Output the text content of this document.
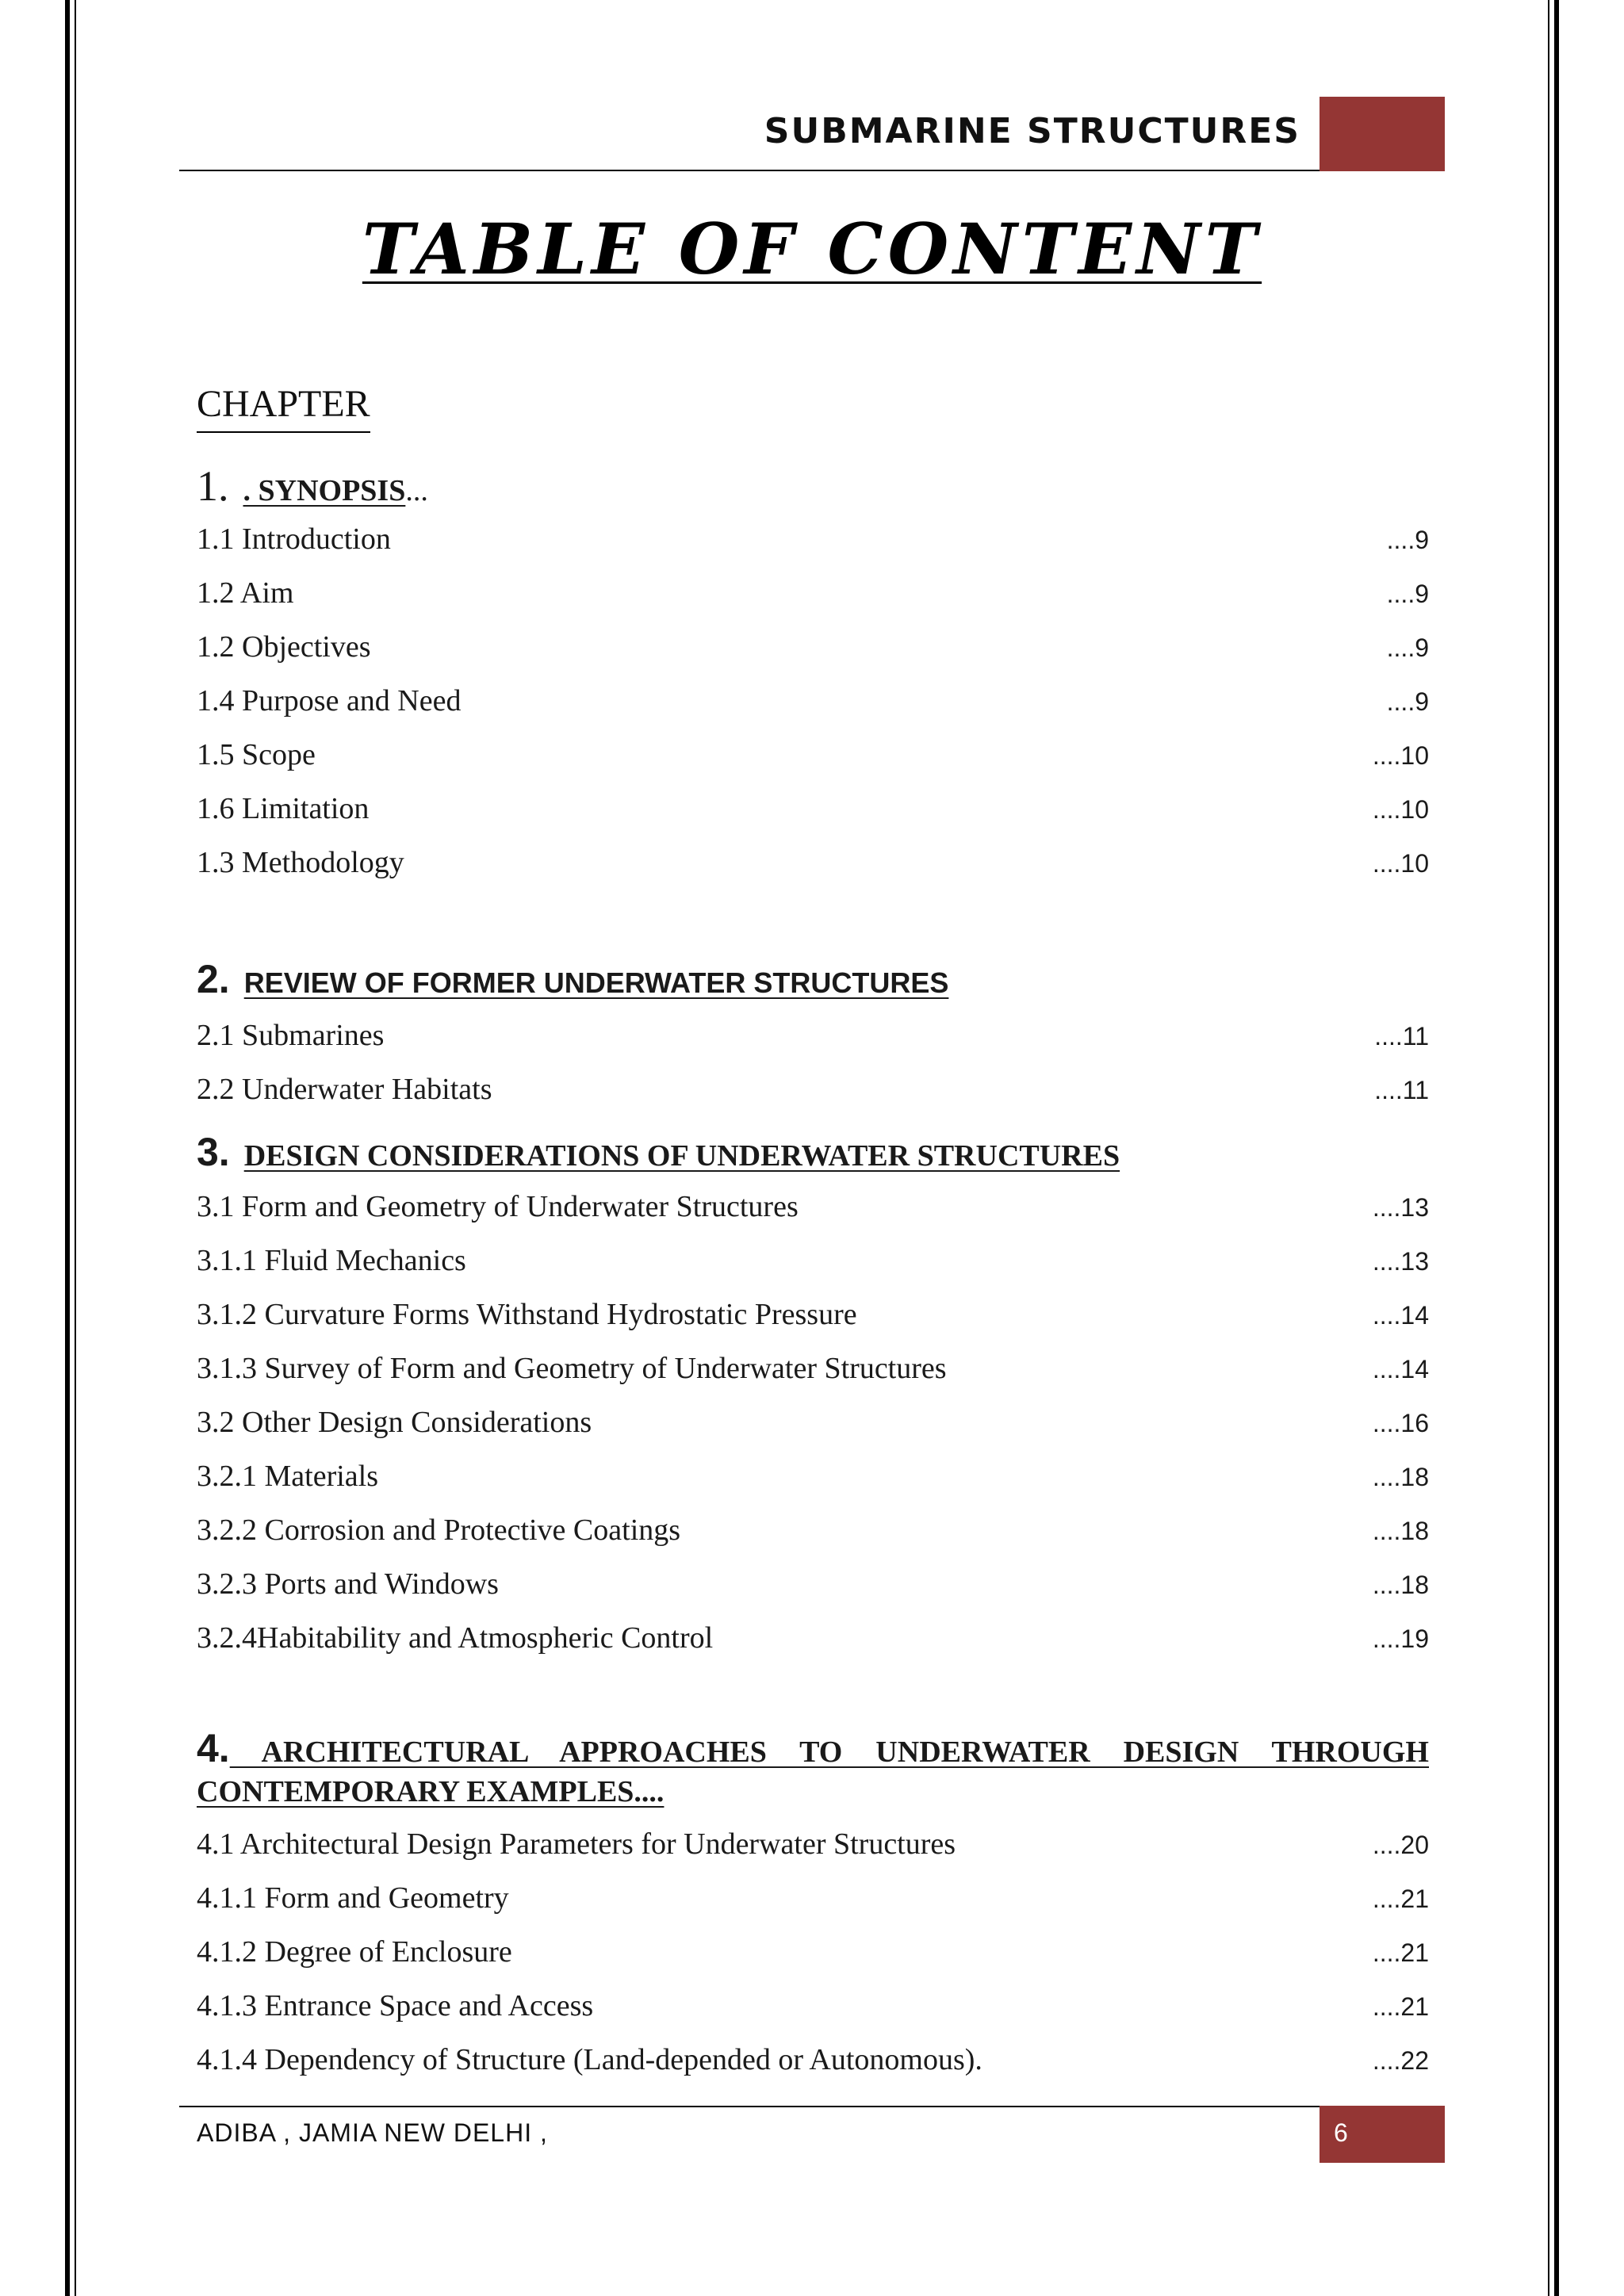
SUBMARINE STRUCTURES
TABLE OF CONTENT
CHAPTER
1. . SYNOPSIS...
1.1 Introduction	....9
1.2 Aim	....9
1.2 Objectives	....9
1.4 Purpose and Need	....9
1.5 Scope	....10
1.6 Limitation	....10
1.3 Methodology	....10
2. REVIEW OF FORMER UNDERWATER STRUCTURES
2.1 Submarines	....11
2.2 Underwater Habitats	....11
3. DESIGN CONSIDERATIONS OF UNDERWATER STRUCTURES
3.1 Form and Geometry of Underwater Structures	....13
3.1.1 Fluid Mechanics	....13
3.1.2 Curvature Forms Withstand Hydrostatic Pressure	....14
3.1.3 Survey of Form and Geometry of Underwater Structures	....14
3.2 Other Design Considerations	....16
3.2.1 Materials	....18
3.2.2 Corrosion and Protective Coatings	....18
3.2.3 Ports and Windows	....18
3.2.4Habitability and Atmospheric Control	....19
4. ARCHITECTURAL APPROACHES TO UNDERWATER DESIGN THROUGH CONTEMPORARY EXAMPLES....
4.1 Architectural Design Parameters for Underwater Structures	....20
4.1.1 Form and Geometry	....21
4.1.2 Degree of Enclosure	....21
4.1.3 Entrance Space and Access	....21
4.1.4 Dependency of Structure (Land-depended or Autonomous).	....22
ADIBA , JAMIA NEW DELHI ,	6
